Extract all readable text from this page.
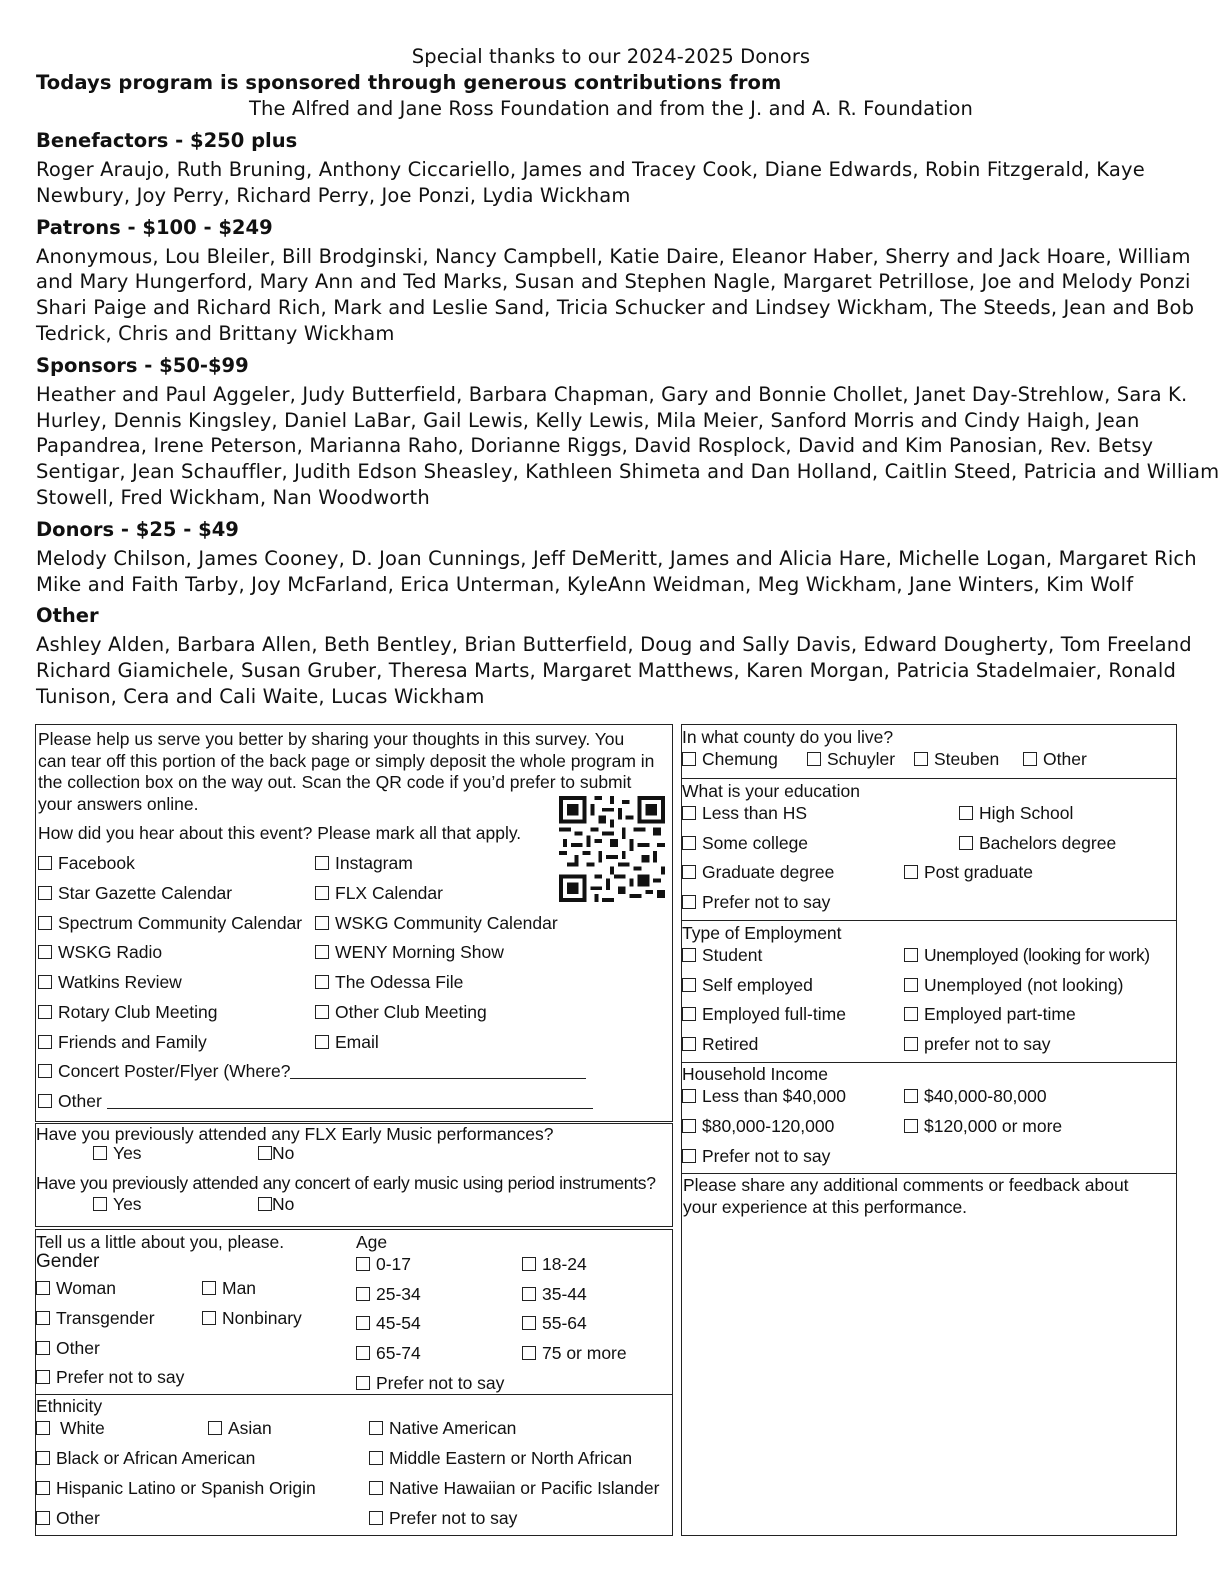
Special thanks to our 2024-2025 Donors
Todays program is sponsored through generous contributions from
The Alfred and Jane Ross Foundation and from the J. and A. R. Foundation
Benefactors - $250 plus
Roger Araujo, Ruth Bruning, Anthony Ciccariello, James and Tracey Cook, Diane Edwards, Robin Fitzgerald, Kaye
Newbury, Joy Perry, Richard Perry, Joe Ponzi, Lydia Wickham
Patrons - $100 - $249
Anonymous, Lou Bleiler, Bill Brodginski, Nancy Campbell, Katie Daire, Eleanor Haber, Sherry and Jack Hoare, William
and Mary Hungerford, Mary Ann and Ted Marks, Susan and Stephen Nagle, Margaret Petrillose, Joe and Melody Ponzi
Shari Paige and Richard Rich, Mark and Leslie Sand, Tricia Schucker and Lindsey Wickham, The Steeds, Jean and Bob
Tedrick, Chris and Brittany Wickham
Sponsors - $50-$99
Heather and Paul Aggeler, Judy Butterfield, Barbara Chapman, Gary and Bonnie Chollet, Janet Day-Strehlow, Sara K.
Hurley, Dennis Kingsley, Daniel LaBar, Gail Lewis, Kelly Lewis, Mila Meier, Sanford Morris and Cindy Haigh, Jean
Papandrea, Irene Peterson, Marianna Raho, Dorianne Riggs, David Rosplock, David and Kim Panosian, Rev. Betsy
Sentigar, Jean Schauffler, Judith Edson Sheasley, Kathleen Shimeta and Dan Holland, Caitlin Steed, Patricia and William
Stowell, Fred Wickham, Nan Woodworth
Donors - $25 - $49
Melody Chilson, James Cooney, D. Joan Cunnings, Jeff DeMeritt, James and Alicia Hare, Michelle Logan, Margaret Rich
Mike and Faith Tarby, Joy McFarland, Erica Unterman, KyleAnn Weidman, Meg Wickham, Jane Winters, Kim Wolf
Other
Ashley Alden, Barbara Allen, Beth Bentley, Brian Butterfield, Doug and Sally Davis, Edward Dougherty, Tom Freeland
Richard Giamichele, Susan Gruber, Theresa Marts, Margaret Matthews, Karen Morgan, Patricia Stadelmaier, Ronald
Tunison, Cera and Cali Waite, Lucas Wickham
Please help us serve you better by sharing your thoughts in this survey. You
can tear off this portion of the back page or simply deposit the whole program in
the collection box on the way out. Scan the QR code if you’d prefer to submit
your answers online.
How did you hear about this event? Please mark all that apply.
Facebook	Instagram
Star Gazette Calendar	FLX Calendar
Spectrum Community Calendar	WSKG Community Calendar
WSKG Radio	WENY Morning Show
Watkins Review	The Odessa File
Rotary Club Meeting	Other Club Meeting
Friends and Family	Email
Concert Poster/Flyer (Where?
Other
Have you previously attended any FLX Early Music performances?
Yes	No
Have you previously attended any concert of early music using period instruments?
Yes	No
Tell us a little about you, please.
Gender
Woman	Man
Transgender	Nonbinary
Other
Prefer not to say
Age
0-17	18-24
25-34	35-44
45-54	55-64
65-74	75 or more
Prefer not to say
Ethnicity
White	Asian	Native American
Black or African American	Middle Eastern or North African
Hispanic Latino or Spanish Origin	Native Hawaiian or Pacific Islander
Other	Prefer not to say
In what county do you live?
Chemung	Schuyler	Steuben	Other
What is your education
Less than HS	High School
Some college	Bachelors degree
Graduate degree	Post graduate
Prefer not to say
Type of Employment
Student	Unemployed (looking for work)
Self employed	Unemployed (not looking)
Employed full-time	Employed part-time
Retired	prefer not to say
Household Income
Less than $40,000	$40,000-80,000
$80,000-120,000	$120,000 or more
Prefer not to say
Please share any additional comments or feedback about
your experience at this performance.
